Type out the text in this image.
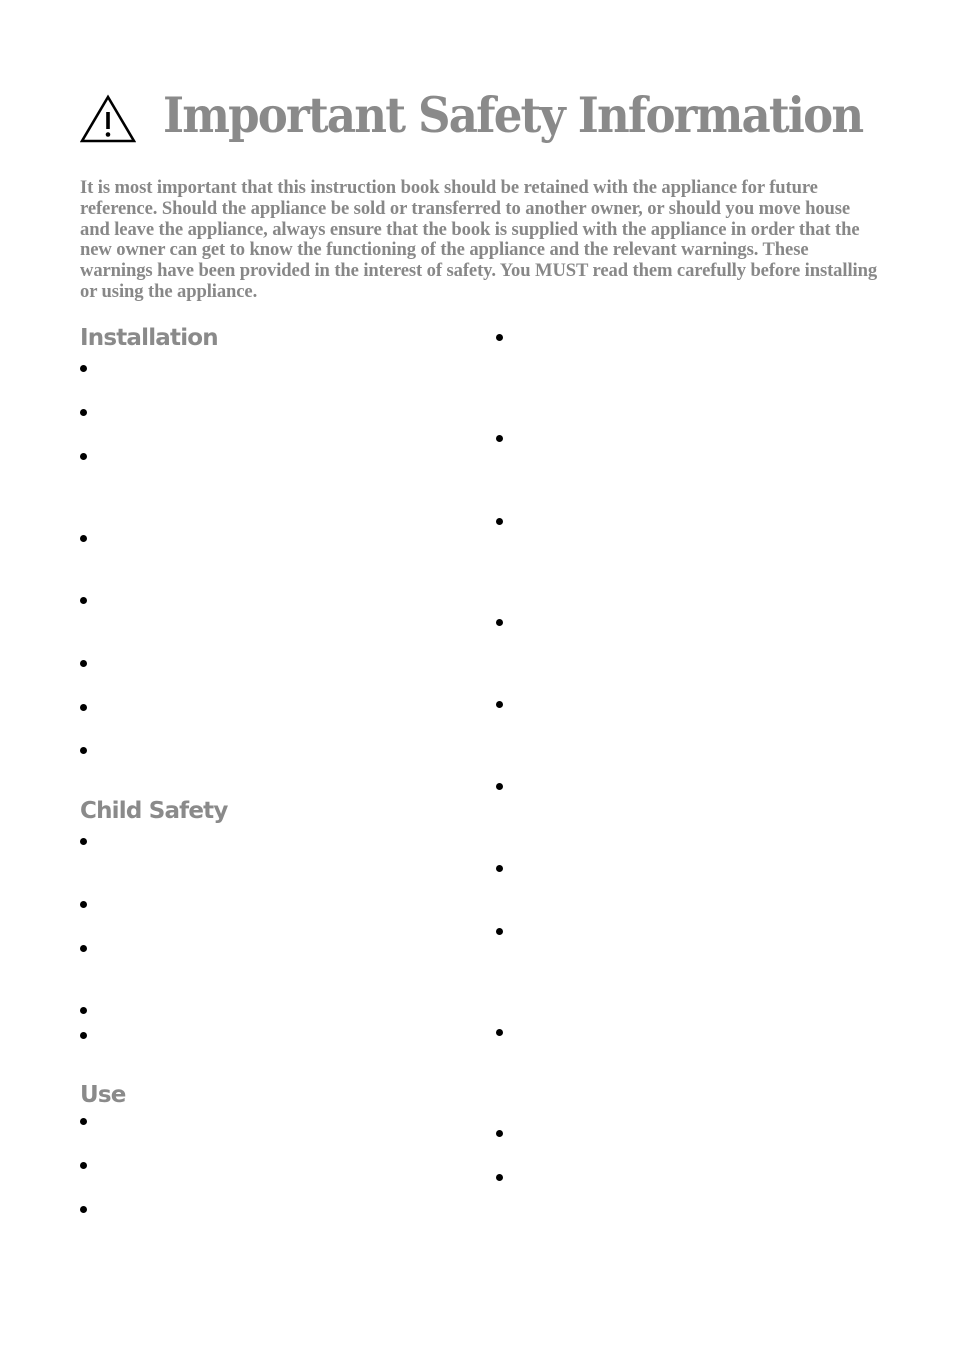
Important Safety Information

It is most important that this instruction book should be retained with the appliance for future reference. Should the appliance be sold or transferred to another owner, or should you move house and leave the appliance, always ensure that the book is supplied with the appliance in order that the new owner can get to know the functioning of the appliance and the relevant warnings. These warnings have been provided in the interest of safety. You MUST read them carefully before installing or using the appliance.

Installation
Child Safety
Use
